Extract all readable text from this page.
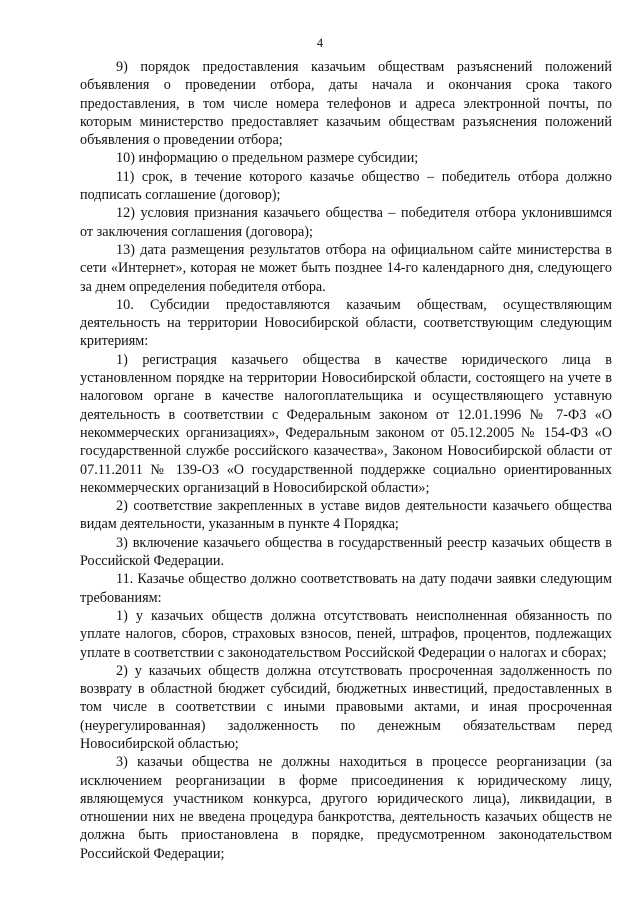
4

9) порядок предоставления казачьим обществам разъяснений положений объявления о проведении отбора, даты начала и окончания срока такого предоставления, в том числе номера телефонов и адреса электронной почты, по которым министерство предоставляет казачьим обществам разъяснения положений объявления о проведении отбора;

10) информацию о предельном размере субсидии;

11) срок, в течение которого казачье общество – победитель отбора должно подписать соглашение (договор);

12) условия признания казачьего общества – победителя отбора уклонившимся от заключения соглашения (договора);

13) дата размещения результатов отбора на официальном сайте министерства в сети «Интернет», которая не может быть позднее 14-го календарного дня, следующего за днем определения победителя отбора.

10. Субсидии предоставляются казачьим обществам, осуществляющим деятельность на территории Новосибирской области, соответствующим следующим критериям:

1) регистрация казачьего общества в качестве юридического лица в установленном порядке на территории Новосибирской области, состоящего на учете в налоговом органе в качестве налогоплательщика и осуществляющего уставную деятельность в соответствии с Федеральным законом от 12.01.1996 № 7-ФЗ «О некоммерческих организациях», Федеральным законом от 05.12.2005 № 154-ФЗ «О государственной службе российского казачества», Законом Новосибирской области от 07.11.2011 № 139-ОЗ «О государственной поддержке социально ориентированных некоммерческих организаций в Новосибирской области»;

2) соответствие закрепленных в уставе видов деятельности казачьего общества видам деятельности, указанным в пункте 4 Порядка;

3) включение казачьего общества в государственный реестр казачьих обществ в Российской Федерации.

11. Казачье общество должно соответствовать на дату подачи заявки следующим требованиям:

1) у казачьих обществ должна отсутствовать неисполненная обязанность по уплате налогов, сборов, страховых взносов, пеней, штрафов, процентов, подлежащих уплате в соответствии с законодательством Российской Федерации о налогах и сборах;

2) у казачьих обществ должна отсутствовать просроченная задолженность по возврату в областной бюджет субсидий, бюджетных инвестиций, предоставленных в том числе в соответствии с иными правовыми актами, и иная просроченная (неурегулированная) задолженность по денежным обязательствам перед Новосибирской областью;

3) казачьи общества не должны находиться в процессе реорганизации (за исключением реорганизации в форме присоединения к юридическому лицу, являющемуся участником конкурса, другого юридического лица), ликвидации, в отношении них не введена процедура банкротства, деятельность казачьих обществ не должна быть приостановлена в порядке, предусмотренном законодательством Российской Федерации;
